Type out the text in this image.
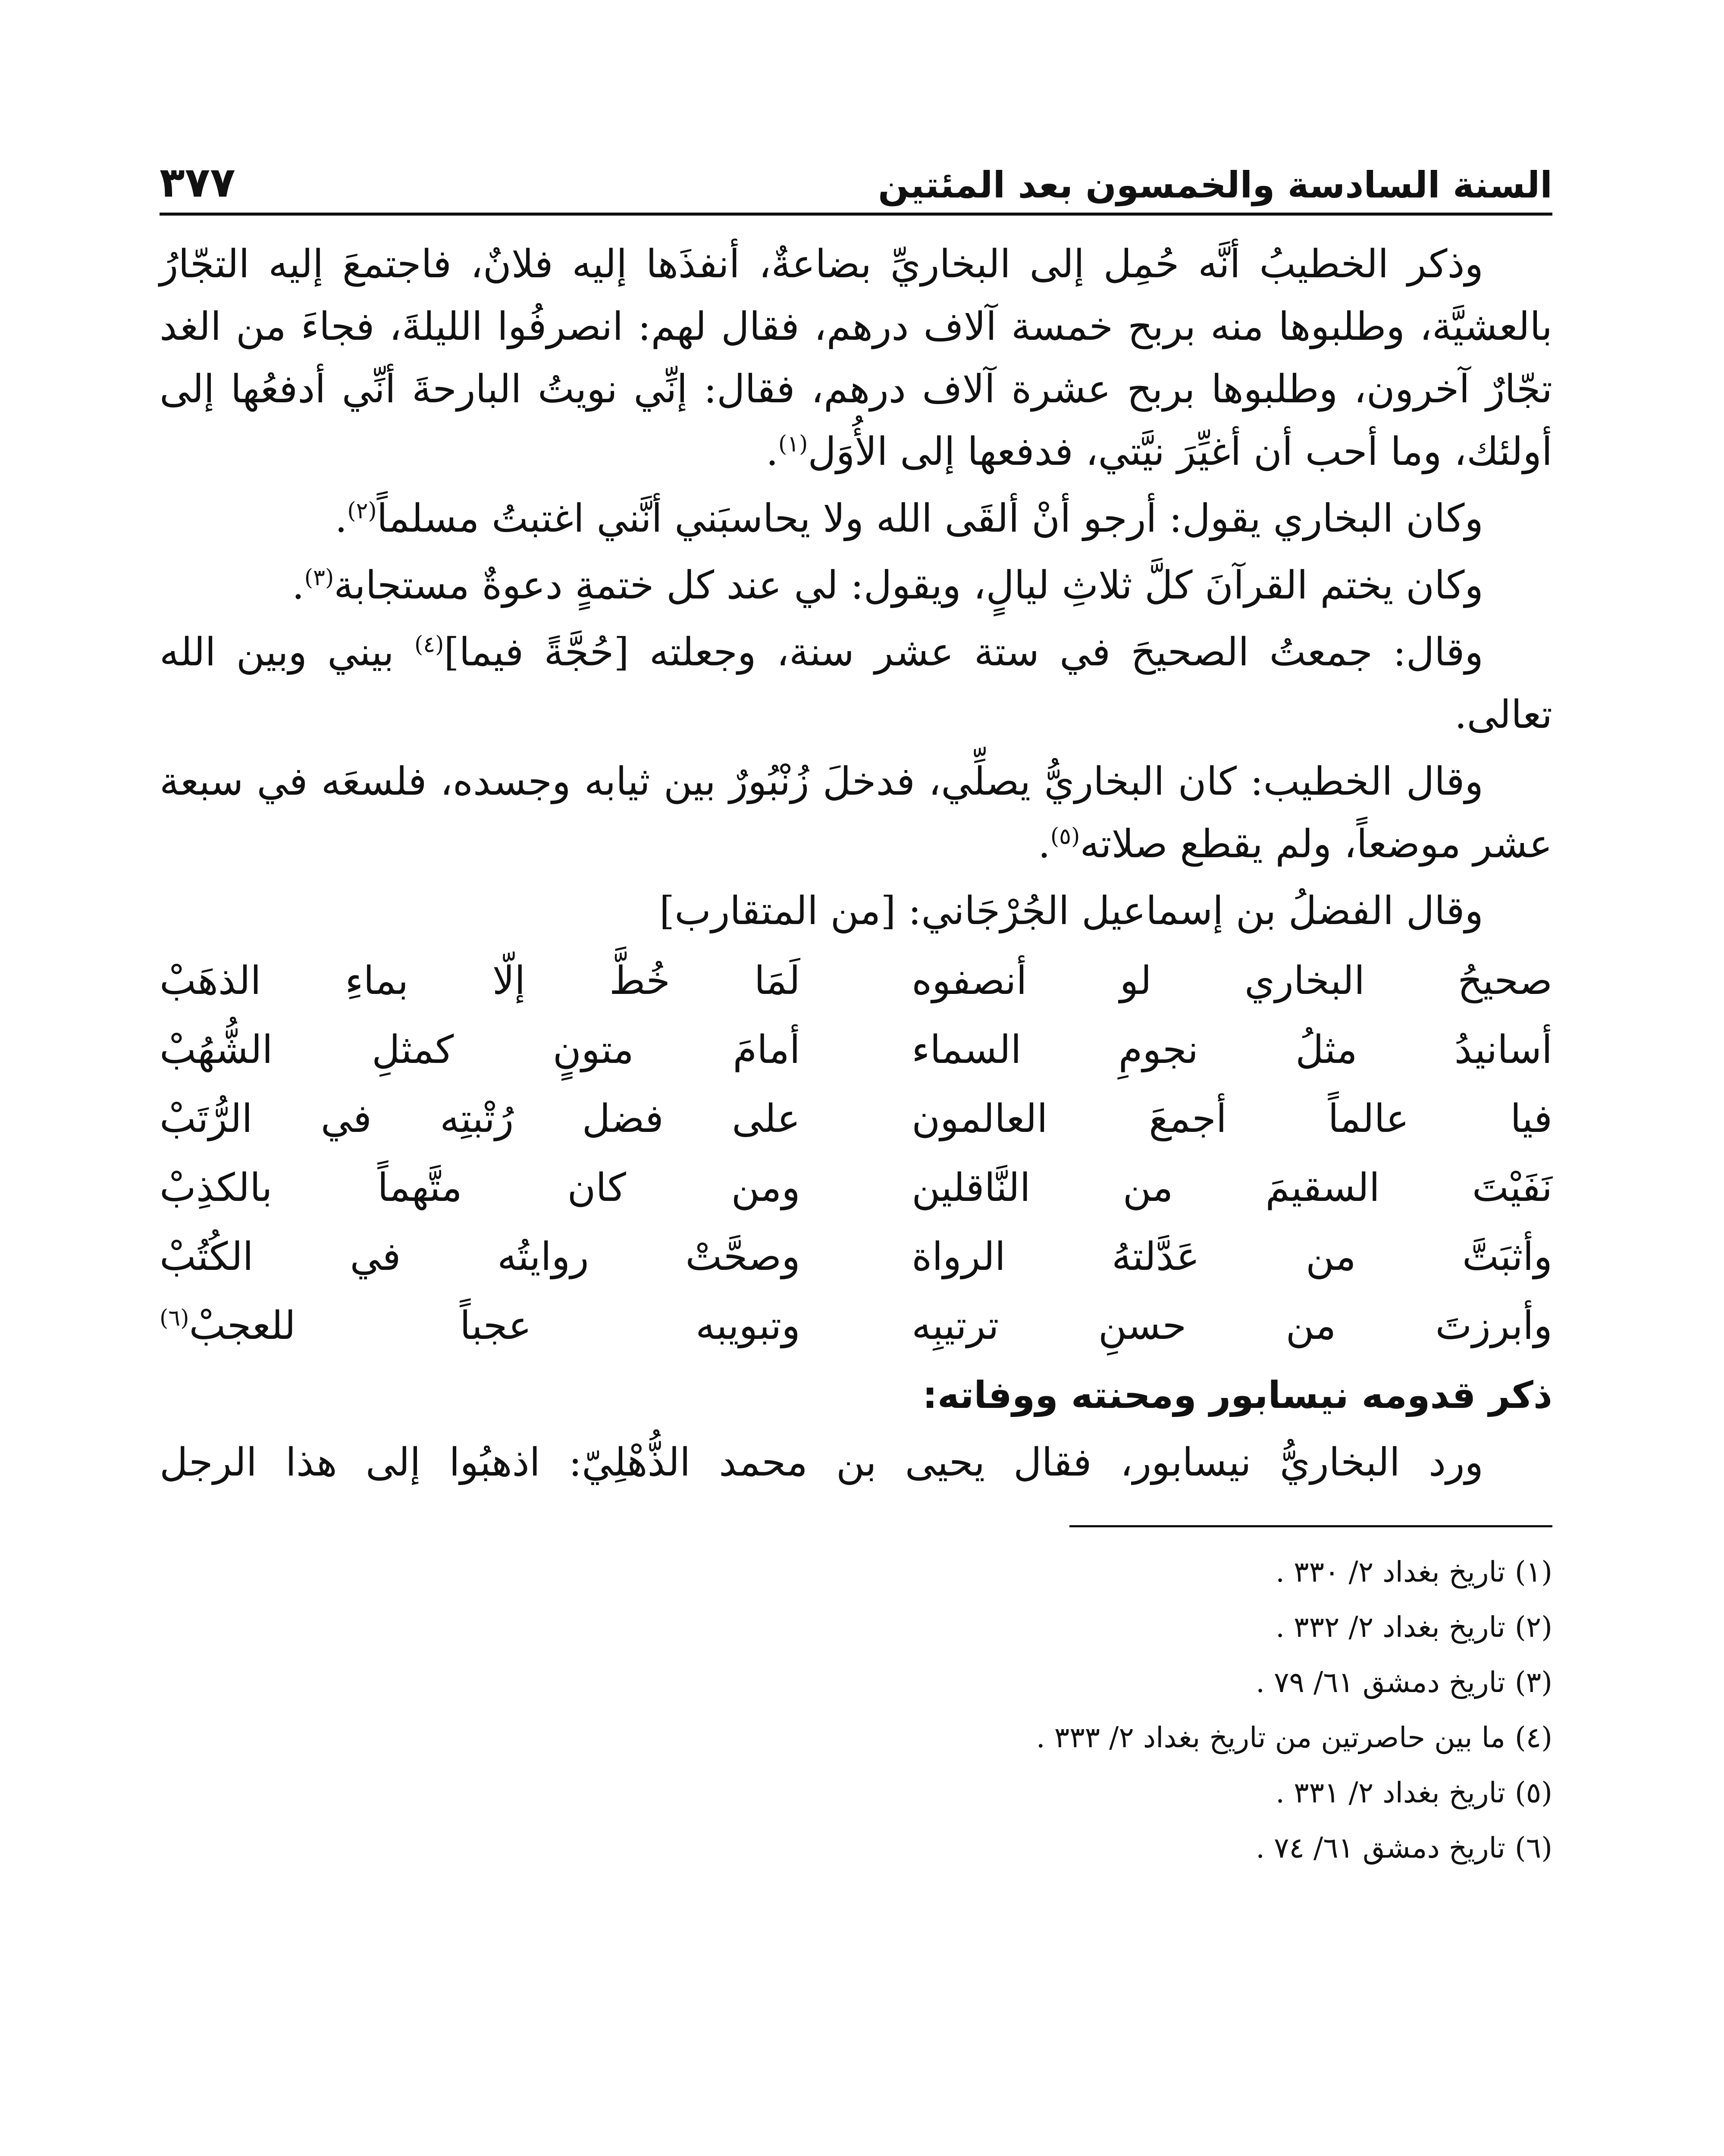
السنة السادسة والخمسون بعد المئتين
٣٧٧

وذكر الخطيبُ أنَّه حُمِل إلى البخاريِّ بضاعةٌ، أنفذَها إليه فلانٌ، فاجتمعَ إليه التجّارُ بالعشيَّة، وطلبوها منه بربح خمسة آلاف درهم، فقال لهم: انصرفُوا الليلةَ، فجاءَ من الغد تجّارٌ آخرون، وطلبوها بربح عشرة آلاف درهم، فقال: إنِّي نويتُ البارحةَ أنِّي أدفعُها إلى أولئك، وما أحب أن أغيِّرَ نيَّتي، فدفعها إلى الأُوَل$^{(١)}$.

وكان البخاري يقول: أرجو أنْ ألقَى الله ولا يحاسبَني أنَّني اغتبتُ مسلماً$^{(٢)}$.

وكان يختم القرآنَ كلَّ ثلاثِ ليالٍ، ويقول: لي عند كل ختمةٍ دعوةٌ مستجابة$^{(٣)}$.

وقال: جمعتُ الصحيحَ في ستة عشر سنة، وجعلته [حُجَّةً فيما]$^{(٤)}$ بيني وبين الله تعالى.

وقال الخطيب: كان البخاريُّ يصلِّي، فدخلَ زُنْبُورٌ بين ثيابه وجسده، فلسعَه في سبعة عشر موضعاً، ولم يقطع صلاته$^{(٥)}$.

وقال الفضلُ بن إسماعيل الجُرْجَاني: [من المتقارب]

صحيحُ البخاري لو أنصفوه
لَمَا خُطَّ إلّا بماءِ الذهَبْ
أسانيدُ مثلُ نجومِ السماء
أمامَ متونٍ كمثلِ الشُّهُبْ
فيا عالماً أجمعَ العالمون
على فضل رُتْبتِه في الرُّتَبْ
نَفَيْتَ السقيمَ من النَّاقلين
ومن كان متَّهماً بالكذِبْ
وأثبَتَّ من عَدَّلتهُ الرواة
وصحَّتْ روايتُه في الكُتُبْ
وأبرزتَ من حسنِ ترتيبِه
وتبويبه عجباً للعجبْ$^{(٦)}$
ذكر قدومه نيسابور ومحنته ووفاته:

ورد البخاريُّ نيسابور، فقال يحيى بن محمد الذُّهْلِيّ: اذهبُوا إلى هذا الرجل

(١)تاريخ بغداد ٢/ ٣٣٠ .
(٢)تاريخ بغداد ٢/ ٣٣٢ .
(٣)تاريخ دمشق ٦١/ ٧٩ .
(٤)ما بين حاصرتين من تاريخ بغداد ٢/ ٣٣٣ .
(٥)تاريخ بغداد ٢/ ٣٣١ .
(٦)تاريخ دمشق ٦١/ ٧٤ .
